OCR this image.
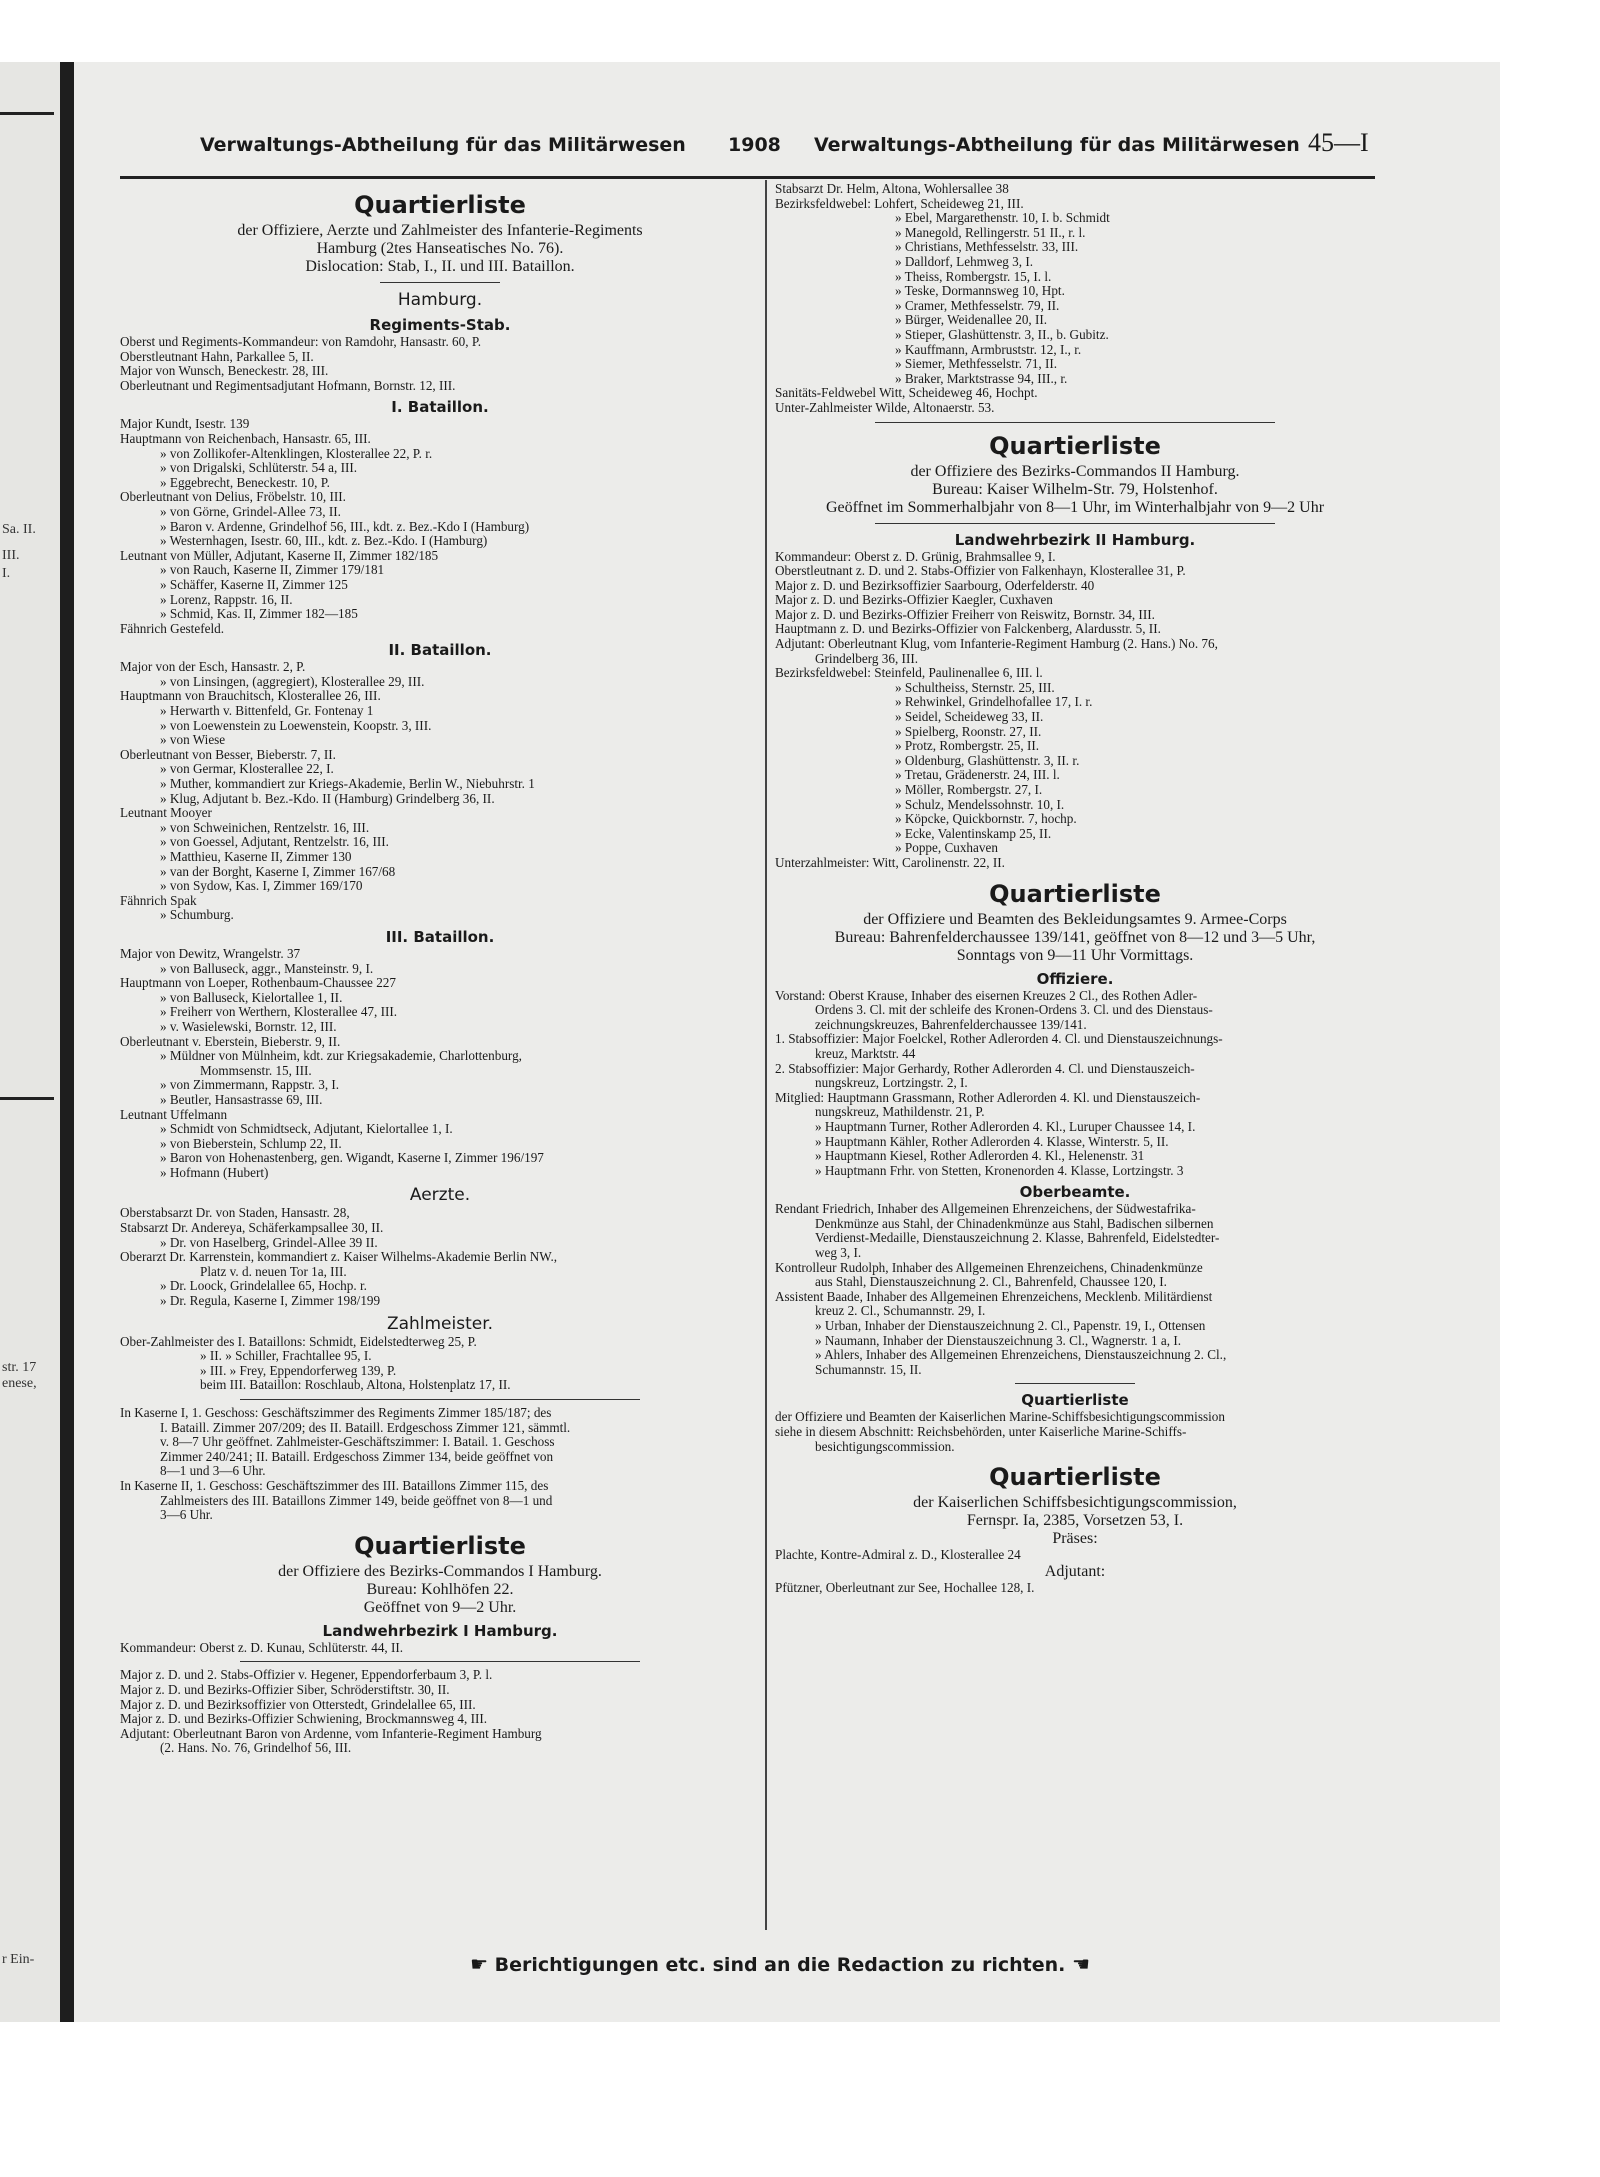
Sa. II.
III.
I.
str. 17
enese,
r Ein-
Verwaltungs-Abtheilung für das Militärwesen 1908 Verwaltungs-Abtheilung für das Militärwesen 45—I
Quartierliste
der Offiziere, Aerzte und Zahlmeister des Infanterie-Regiments
Hamburg (2tes Hanseatisches No. 76).
Dislocation: Stab, I., II. und III. Bataillon.
Hamburg.
Regiments-Stab.
Oberst und Regiments-Kommandeur: von Ramdohr, Hansastr. 60, P.
Oberstleutnant Hahn, Parkallee 5, II.
Major von Wunsch, Beneckestr. 28, III.
Oberleutnant und Regimentsadjutant Hofmann, Bornstr. 12, III.
I. Bataillon.
Major Kundt, Isestr. 139
Hauptmann von Reichenbach, Hansastr. 65, III.
» von Zollikofer-Altenklingen, Klosterallee 22, P. r.
» von Drigalski, Schlüterstr. 54 a, III.
» Eggebrecht, Beneckestr. 10, P.
Oberleutnant von Delius, Fröbelstr. 10, III.
» von Görne, Grindel-Allee 73, II.
» Baron v. Ardenne, Grindelhof 56, III., kdt. z. Bez.-Kdo I (Hamburg)
» Westernhagen, Isestr. 60, III., kdt. z. Bez.-Kdo. I (Hamburg)
Leutnant von Müller, Adjutant, Kaserne II, Zimmer 182/185
» von Rauch, Kaserne II, Zimmer 179/181
» Schäffer, Kaserne II, Zimmer 125
» Lorenz, Rappstr. 16, II.
» Schmid, Kas. II, Zimmer 182—185
Fähnrich Gestefeld.
II. Bataillon.
Major von der Esch, Hansastr. 2, P.
» von Linsingen, (aggregiert), Klosterallee 29, III.
Hauptmann von Brauchitsch, Klosterallee 26, III.
» Herwarth v. Bittenfeld, Gr. Fontenay 1
» von Loewenstein zu Loewenstein, Koopstr. 3, III.
» von Wiese
Oberleutnant von Besser, Bieberstr. 7, II.
» von Germar, Klosterallee 22, I.
» Muther, kommandiert zur Kriegs-Akademie, Berlin W., Niebuhrstr. 1
» Klug, Adjutant b. Bez.-Kdo. II (Hamburg) Grindelberg 36, II.
Leutnant Mooyer
» von Schweinichen, Rentzelstr. 16, III.
» von Goessel, Adjutant, Rentzelstr. 16, III.
» Matthieu, Kaserne II, Zimmer 130
» van der Borght, Kaserne I, Zimmer 167/68
» von Sydow, Kas. I, Zimmer 169/170
Fähnrich Spak
» Schumburg.
III. Bataillon.
Major von Dewitz, Wrangelstr. 37
» von Balluseck, aggr., Mansteinstr. 9, I.
Hauptmann von Loeper, Rothenbaum-Chaussee 227
» von Balluseck, Kielortallee 1, II.
» Freiherr von Werthern, Klosterallee 47, III.
» v. Wasielewski, Bornstr. 12, III.
Oberleutnant v. Eberstein, Bieberstr. 9, II.
» Müldner von Mülnheim, kdt. zur Kriegsakademie, Charlottenburg,
Mommsenstr. 15, III.
» von Zimmermann, Rappstr. 3, I.
» Beutler, Hansastrasse 69, III.
Leutnant Uffelmann
» Schmidt von Schmidtseck, Adjutant, Kielortallee 1, I.
» von Bieberstein, Schlump 22, II.
» Baron von Hohenastenberg, gen. Wigandt, Kaserne I, Zimmer 196/197
» Hofmann (Hubert)
Aerzte.
Oberstabsarzt Dr. von Staden, Hansastr. 28,
Stabsarzt Dr. Andereya, Schäferkampsallee 30, II.
» Dr. von Haselberg, Grindel-Allee 39 II.
Oberarzt Dr. Karrenstein, kommandiert z. Kaiser Wilhelms-Akademie Berlin NW.,
Platz v. d. neuen Tor 1a, III.
» Dr. Loock, Grindelallee 65, Hochp. r.
» Dr. Regula, Kaserne I, Zimmer 198/199
Zahlmeister.
Ober-Zahlmeister des I. Bataillons: Schmidt, Eidelstedterweg 25, P.
» II. » Schiller, Frachtallee 95, I.
» III. » Frey, Eppendorferweg 139, P.
beim III. Bataillon: Roschlaub, Altona, Holstenplatz 17, II.
In Kaserne I, 1. Geschoss: Geschäftszimmer des Regiments Zimmer 185/187; des
I. Bataill. Zimmer 207/209; des II. Bataill. Erdgeschoss Zimmer 121, sämmtl.
v. 8—7 Uhr geöffnet. Zahlmeister-Geschäftszimmer: I. Batail. 1. Geschoss
Zimmer 240/241; II. Bataill. Erdgeschoss Zimmer 134, beide geöffnet von
8—1 und 3—6 Uhr.
In Kaserne II, 1. Geschoss: Geschäftszimmer des III. Bataillons Zimmer 115, des
Zahlmeisters des III. Bataillons Zimmer 149, beide geöffnet von 8—1 und
3—6 Uhr.
Quartierliste
der Offiziere des Bezirks-Commandos I Hamburg.
Bureau: Kohlhöfen 22.
Geöffnet von 9—2 Uhr.
Landwehrbezirk I Hamburg.
Kommandeur: Oberst z. D. Kunau, Schlüterstr. 44, II.
Major z. D. und 2. Stabs-Offizier v. Hegener, Eppendorferbaum 3, P. l.
Major z. D. und Bezirks-Offizier Siber, Schröderstiftstr. 30, II.
Major z. D. und Bezirksoffizier von Otterstedt, Grindelallee 65, III.
Major z. D. und Bezirks-Offizier Schwiening, Brockmannsweg 4, III.
Adjutant: Oberleutnant Baron von Ardenne, vom Infanterie-Regiment Hamburg
(2. Hans. No. 76, Grindelhof 56, III.
Stabsarzt Dr. Helm, Altona, Wohlersallee 38
Bezirksfeldwebel: Lohfert, Scheideweg 21, III.
» Ebel, Margarethenstr. 10, I. b. Schmidt
» Manegold, Rellingerstr. 51 II., r. l.
» Christians, Methfesselstr. 33, III.
» Dalldorf, Lehmweg 3, I.
» Theiss, Rombergstr. 15, I. l.
» Teske, Dormannsweg 10, Hpt.
» Cramer, Methfesselstr. 79, II.
» Bürger, Weidenallee 20, II.
» Stieper, Glashüttenstr. 3, II., b. Gubitz.
» Kauffmann, Armbruststr. 12, I., r.
» Siemer, Methfesselstr. 71, II.
» Braker, Marktstrasse 94, III., r.
Sanitäts-Feldwebel Witt, Scheideweg 46, Hochpt.
Unter-Zahlmeister Wilde, Altonaerstr. 53.
Quartierliste
der Offiziere des Bezirks-Commandos II Hamburg.
Bureau: Kaiser Wilhelm-Str. 79, Holstenhof.
Geöffnet im Sommerhalbjahr von 8—1 Uhr, im Winterhalbjahr von 9—2 Uhr
Landwehrbezirk II Hamburg.
Kommandeur: Oberst z. D. Grünig, Brahmsallee 9, I.
Oberstleutnant z. D. und 2. Stabs-Offizier von Falkenhayn, Klosterallee 31, P.
Major z. D. und Bezirksoffizier Saarbourg, Oderfelderstr. 40
Major z. D. und Bezirks-Offizier Kaegler, Cuxhaven
Major z. D. und Bezirks-Offizier Freiherr von Reiswitz, Bornstr. 34, III.
Hauptmann z. D. und Bezirks-Offizier von Falckenberg, Alardusstr. 5, II.
Adjutant: Oberleutnant Klug, vom Infanterie-Regiment Hamburg (2. Hans.) No. 76,
Grindelberg 36, III.
Bezirksfeldwebel: Steinfeld, Paulinenallee 6, III. l.
» Schultheiss, Sternstr. 25, III.
» Rehwinkel, Grindelhofallee 17, I. r.
» Seidel, Scheideweg 33, II.
» Spielberg, Roonstr. 27, II.
» Protz, Rombergstr. 25, II.
» Oldenburg, Glashüttenstr. 3, II. r.
» Tretau, Grädenerstr. 24, III. l.
» Möller, Rombergstr. 27, I.
» Schulz, Mendelssohnstr. 10, I.
» Köpcke, Quickbornstr. 7, hochp.
» Ecke, Valentinskamp 25, II.
» Poppe, Cuxhaven
Unterzahlmeister: Witt, Carolinenstr. 22, II.
Quartierliste
der Offiziere und Beamten des Bekleidungsamtes 9. Armee-Corps
Bureau: Bahrenfelderchaussee 139/141, geöffnet von 8—12 und 3—5 Uhr,
Sonntags von 9—11 Uhr Vormittags.
Offiziere.
Vorstand: Oberst Krause, Inhaber des eisernen Kreuzes 2 Cl., des Rothen Adler-
Ordens 3. Cl. mit der schleife des Kronen-Ordens 3. Cl. und des Dienstaus-
zeichnungskreuzes, Bahrenfelderchaussee 139/141.
1. Stabsoffizier: Major Foelckel, Rother Adlerorden 4. Cl. und Dienstauszeichnungs-
kreuz, Marktstr. 44
2. Stabsoffizier: Major Gerhardy, Rother Adlerorden 4. Cl. und Dienstauszeich-
nungskreuz, Lortzingstr. 2, I.
Mitglied: Hauptmann Grassmann, Rother Adlerorden 4. Kl. und Dienstauszeich-
nungskreuz, Mathildenstr. 21, P.
» Hauptmann Turner, Rother Adlerorden 4. Kl., Luruper Chaussee 14, I.
» Hauptmann Kähler, Rother Adlerorden 4. Klasse, Winterstr. 5, II.
» Hauptmann Kiesel, Rother Adlerorden 4. Kl., Helenenstr. 31
» Hauptmann Frhr. von Stetten, Kronenorden 4. Klasse, Lortzingstr. 3
Oberbeamte.
Rendant Friedrich, Inhaber des Allgemeinen Ehrenzeichens, der Südwestafrika-
Denkmünze aus Stahl, der Chinadenkmünze aus Stahl, Badischen silbernen
Verdienst-Medaille, Dienstauszeichnung 2. Klasse, Bahrenfeld, Eidelstedter-
weg 3, I.
Kontrolleur Rudolph, Inhaber des Allgemeinen Ehrenzeichens, Chinadenkmünze
aus Stahl, Dienstauszeichnung 2. Cl., Bahrenfeld, Chaussee 120, I.
Assistent Baade, Inhaber des Allgemeinen Ehrenzeichens, Mecklenb. Militärdienst
kreuz 2. Cl., Schumannstr. 29, I.
» Urban, Inhaber der Dienstauszeichnung 2. Cl., Papenstr. 19, I., Ottensen
» Naumann, Inhaber der Dienstauszeichnung 3. Cl., Wagnerstr. 1 a, I.
» Ahlers, Inhaber des Allgemeinen Ehrenzeichens, Dienstauszeichnung 2. Cl.,
Schumannstr. 15, II.
Quartierliste
der Offiziere und Beamten der Kaiserlichen Marine-Schiffsbesichtigungscommission
siehe in diesem Abschnitt: Reichsbehörden, unter Kaiserliche Marine-Schiffs-
besichtigungscommission.
Quartierliste
der Kaiserlichen Schiffsbesichtigungscommission,
Fernspr. Ia, 2385, Vorsetzen 53, I.
Präses:
Plachte, Kontre-Admiral z. D., Klosterallee 24
Adjutant:
Pfützner, Oberleutnant zur See, Hochallee 128, I.
☛ Berichtigungen etc. sind an die Redaction zu richten. ☛
